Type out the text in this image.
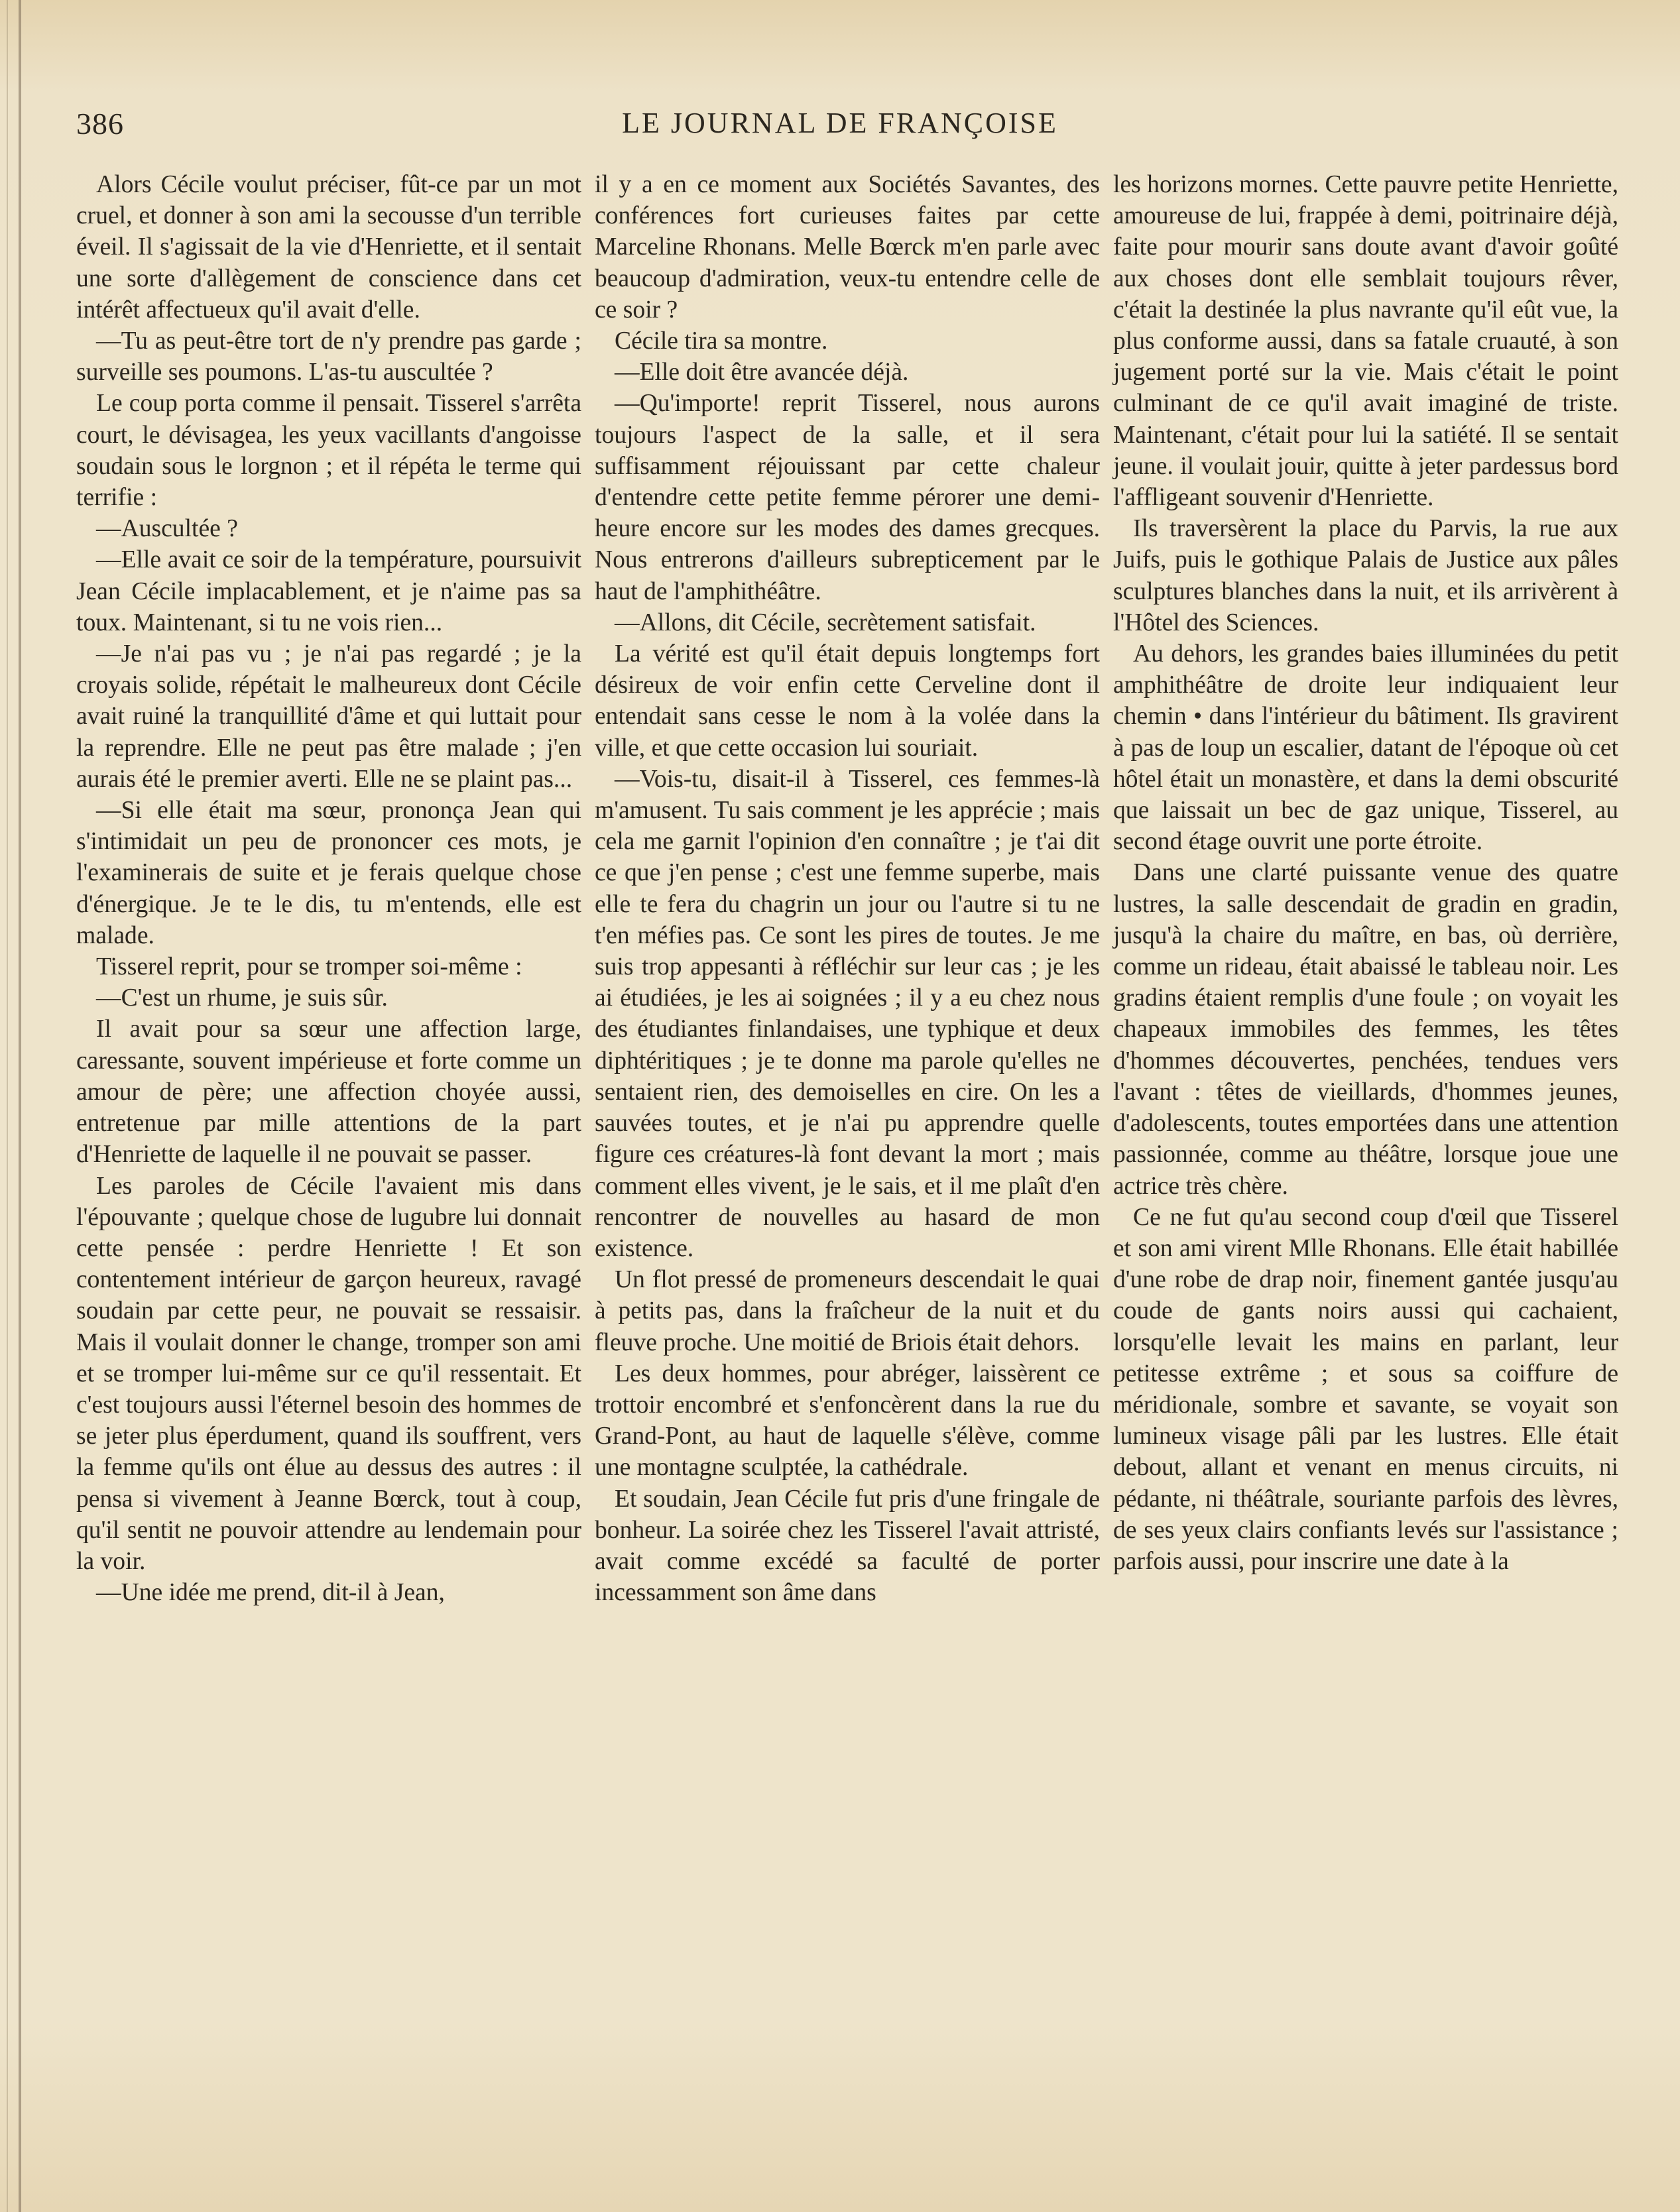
386	LE JOURNAL DE FRANÇOISE

Alors Cécile voulut préciser, fût-ce par un mot cruel, et donner à son ami la secousse d'un terrible éveil. Il s'agissait de la vie d'Henriette, et il sentait une sorte d'allègement de conscience dans cet intérêt affectueux qu'il avait d'elle.

—Tu as peut-être tort de n'y prendre pas garde ; surveille ses poumons. L'as-tu auscultée ?

Le coup porta comme il pensait. Tisserel s'arrêta court, le dévisagea, les yeux vacillants d'angoisse soudain sous le lorgnon ; et il répéta le terme qui terrifie :

—Auscultée ?

—Elle avait ce soir de la température, poursuivit Jean Cécile implacablement, et je n'aime pas sa toux. Maintenant, si tu ne vois rien...

—Je n'ai pas vu ; je n'ai pas regardé ; je la croyais solide, répétait le malheureux dont Cécile avait ruiné la tranquillité d'âme et qui luttait pour la reprendre. Elle ne peut pas être malade ; j'en aurais été le premier averti. Elle ne se plaint pas...

—Si elle était ma sœur, prononça Jean qui s'intimidait un peu de prononcer ces mots, je l'examinerais de suite et je ferais quelque chose d'énergique. Je te le dis, tu m'entends, elle est malade.

Tisserel reprit, pour se tromper soi-même :

—C'est un rhume, je suis sûr.

Il avait pour sa sœur une affection large, caressante, souvent impérieuse et forte comme un amour de père; une affection choyée aussi, entretenue par mille attentions de la part d'Henriette de laquelle il ne pouvait se passer.

Les paroles de Cécile l'avaient mis dans l'épouvante ; quelque chose de lugubre lui donnait cette pensée : perdre Henriette ! Et son contentement intérieur de garçon heureux, ravagé soudain par cette peur, ne pouvait se ressaisir. Mais il voulait donner le change, tromper son ami et se tromper lui-même sur ce qu'il ressentait. Et c'est toujours aussi l'éternel besoin des hommes de se jeter plus éperdument, quand ils souffrent, vers la femme qu'ils ont élue au dessus des autres : il pensa si vivement à Jeanne Bœrck, tout à coup, qu'il sentit ne pouvoir attendre au lendemain pour la voir.

—Une idée me prend, dit-il à Jean,

il y a en ce moment aux Sociétés Savantes, des conférences fort curieuses faites par cette Marceline Rhonans. Melle Bœrck m'en parle avec beaucoup d'admiration, veux-tu entendre celle de ce soir ?

Cécile tira sa montre.

—Elle doit être avancée déjà.

—Qu'importe! reprit Tisserel, nous aurons toujours l'aspect de la salle, et il sera suffisamment réjouissant par cette chaleur d'entendre cette petite femme pérorer une demi-heure encore sur les modes des dames grecques. Nous entrerons d'ailleurs subrepticement par le haut de l'amphithéâtre.

—Allons, dit Cécile, secrètement satisfait.

La vérité est qu'il était depuis longtemps fort désireux de voir enfin cette Cerveline dont il entendait sans cesse le nom à la volée dans la ville, et que cette occasion lui souriait.

—Vois-tu, disait-il à Tisserel, ces femmes-là m'amusent. Tu sais comment je les apprécie ; mais cela me garnit l'opinion d'en connaître ; je t'ai dit ce que j'en pense ; c'est une femme superbe, mais elle te fera du chagrin un jour ou l'autre si tu ne t'en méfies pas. Ce sont les pires de toutes. Je me suis trop appesanti à réfléchir sur leur cas ; je les ai étudiées, je les ai soignées ; il y a eu chez nous des étudiantes finlandaises, une typhique et deux diphtéritiques ; je te donne ma parole qu'elles ne sentaient rien, des demoiselles en cire. On les a sauvées toutes, et je n'ai pu apprendre quelle figure ces créatures-là font devant la mort ; mais comment elles vivent, je le sais, et il me plaît d'en rencontrer de nouvelles au hasard de mon existence.

Un flot pressé de promeneurs descendait le quai à petits pas, dans la fraîcheur de la nuit et du fleuve proche. Une moitié de Briois était dehors.

Les deux hommes, pour abréger, laissèrent ce trottoir encombré et s'enfoncèrent dans la rue du Grand-Pont, au haut de laquelle s'élève, comme une montagne sculptée, la cathédrale.

Et soudain, Jean Cécile fut pris d'une fringale de bonheur. La soirée chez les Tisserel l'avait attristé, avait comme excédé sa faculté de porter incessamment son âme dans

les horizons mornes. Cette pauvre petite Henriette, amoureuse de lui, frappée à demi, poitrinaire déjà, faite pour mourir sans doute avant d'avoir goûté aux choses dont elle semblait toujours rêver, c'était la destinée la plus navrante qu'il eût vue, la plus conforme aussi, dans sa fatale cruauté, à son jugement porté sur la vie. Mais c'était le point culminant de ce qu'il avait imaginé de triste. Maintenant, c'était pour lui la satiété. Il se sentait jeune. il voulait jouir, quitte à jeter pardessus bord l'affligeant souvenir d'Henriette.

Ils traversèrent la place du Parvis, la rue aux Juifs, puis le gothique Palais de Justice aux pâles sculptures blanches dans la nuit, et ils arrivèrent à l'Hôtel des Sciences.

Au dehors, les grandes baies illuminées du petit amphithéâtre de droite leur indiquaient leur chemin • dans l'intérieur du bâtiment. Ils gravirent à pas de loup un escalier, datant de l'époque où cet hôtel était un monastère, et dans la demi obscurité que laissait un bec de gaz unique, Tisserel, au second étage ouvrit une porte étroite.

Dans une clarté puissante venue des quatre lustres, la salle descendait de gradin en gradin, jusqu'à la chaire du maître, en bas, où derrière, comme un rideau, était abaissé le tableau noir. Les gradins étaient remplis d'une foule ; on voyait les chapeaux immobiles des femmes, les têtes d'hommes découvertes, penchées, tendues vers l'avant : têtes de vieillards, d'hommes jeunes, d'adolescents, toutes emportées dans une attention passionnée, comme au théâtre, lorsque joue une actrice très chère.

Ce ne fut qu'au second coup d'œil que Tisserel et son ami virent Mlle Rhonans. Elle était habillée d'une robe de drap noir, finement gantée jusqu'au coude de gants noirs aussi qui cachaient, lorsqu'elle levait les mains en parlant, leur petitesse extrême ; et sous sa coiffure de méridionale, sombre et savante, se voyait son lumineux visage pâli par les lustres. Elle était debout, allant et venant en menus circuits, ni pédante, ni théâtrale, souriante parfois des lèvres, de ses yeux clairs confiants levés sur l'assistance ; parfois aussi, pour inscrire une date à la
